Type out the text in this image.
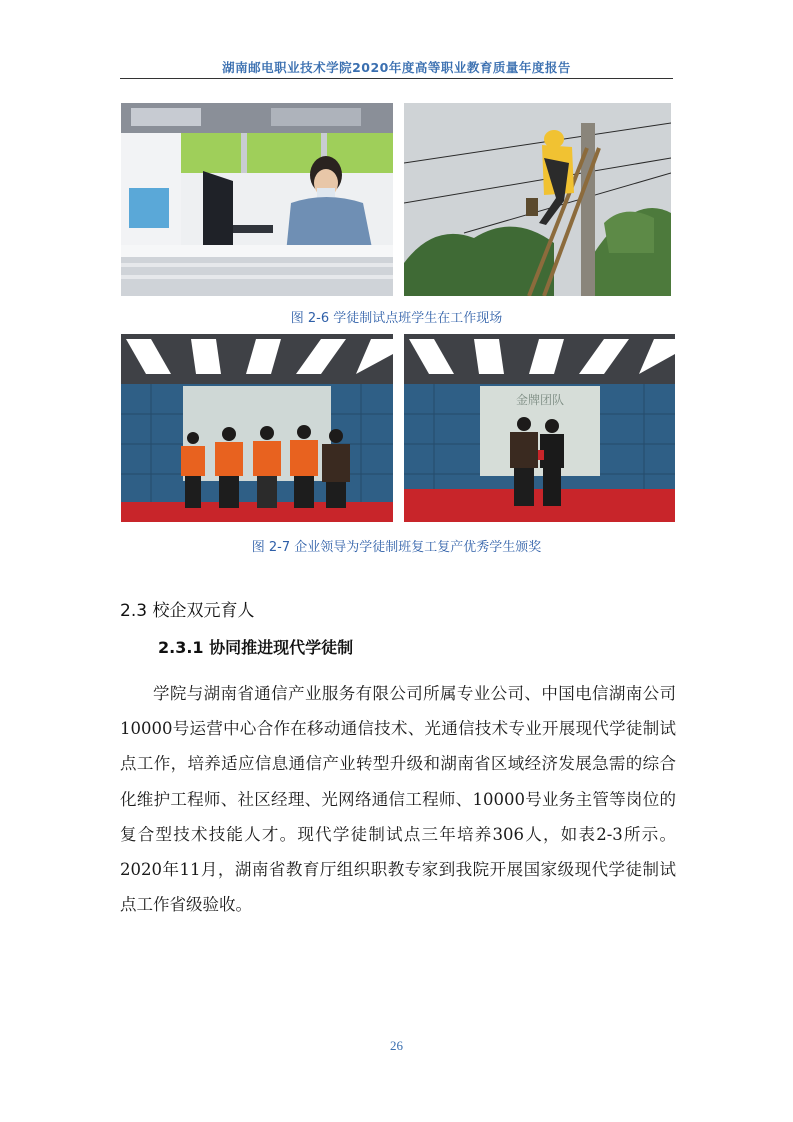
湖南邮电职业技术学院2020年度高等职业教育质量年度报告
图 2-6 学徒制试点班学生在工作现场
金牌团队
图 2-7 企业领导为学徒制班复工复产优秀学生颁奖
2.3 校企双元育人
2.3.1 协同推进现代学徒制
学院与湖南省通信产业服务有限公司所属专业公司、中国电信湖南公司10000号运营中心合作在移动通信技术、光通信技术专业开展现代学徒制试点工作，培养适应信息通信产业转型升级和湖南省区域经济发展急需的综合化维护工程师、社区经理、光网络通信工程师、10000号业务主管等岗位的复合型技术技能人才。现代学徒制试点三年培养306人，如表2-3所示。2020年11月，湖南省教育厅组织职教专家到我院开展国家级现代学徒制试点工作省级验收。
26
